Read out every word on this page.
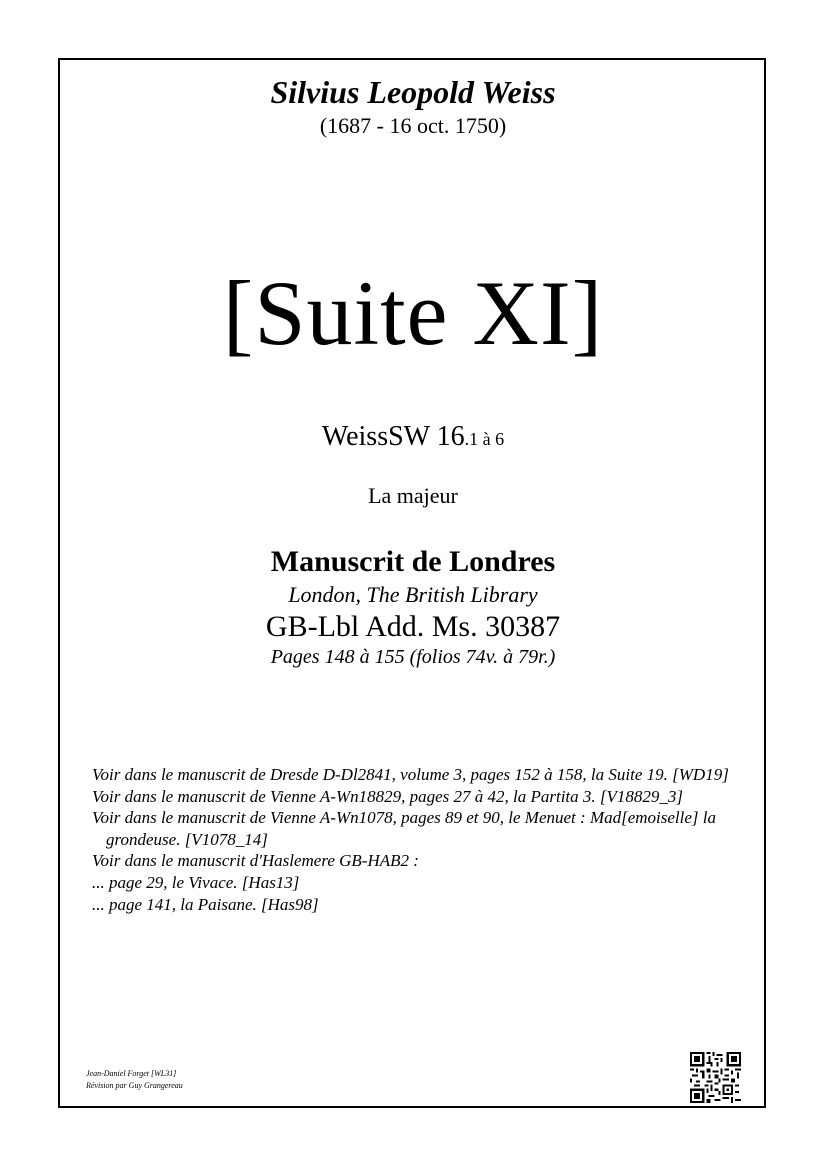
Silvius Leopold Weiss
(1687 - 16 oct. 1750)
[Suite XI]
WeissSW 16.1 à 6
La majeur
Manuscrit de Londres
London, The British Library
GB-Lbl Add. Ms. 30387
Pages 148 à 155 (folios 74v. à 79r.)
Voir dans le manuscrit de Dresde D-Dl2841, volume 3, pages 152 à 158, la Suite 19. [WD19]
Voir dans le manuscrit de Vienne A-Wn18829, pages 27 à 42, la Partita 3. [V18829_3]
Voir dans le manuscrit de Vienne A-Wn1078, pages 89 et 90, le Menuet : Mad[emoiselle] la grondeuse. [V1078_14]
Voir dans le manuscrit d'Haslemere GB-HAB2 :
... page 29, le Vivace. [Has13]
... page 141, la Paisane. [Has98]
Jean-Daniel Forget [WL31]
Révision par Guy Grangereau
